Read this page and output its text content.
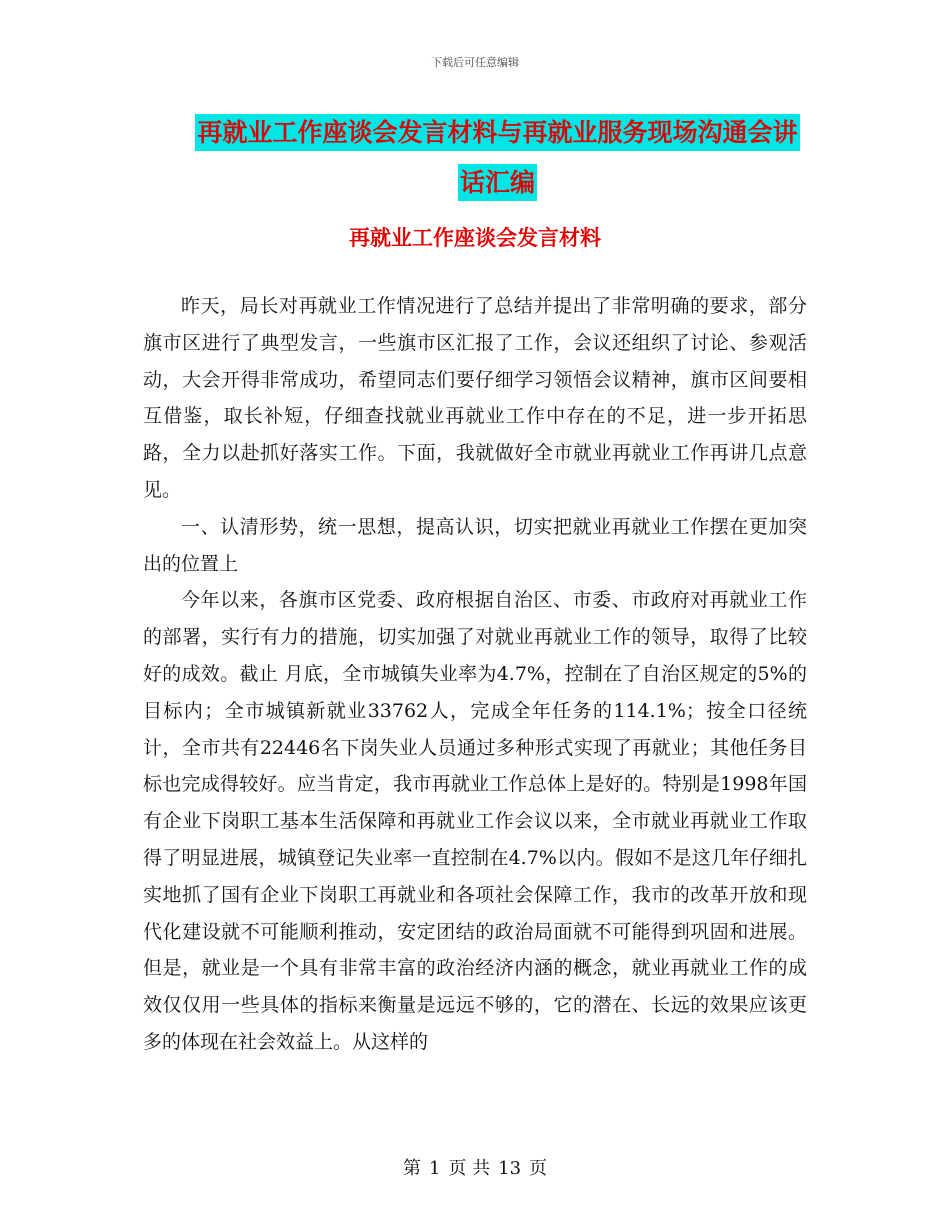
下载后可任意编辑
再就业工作座谈会发言材料与再就业服务现场沟通会讲话汇编
再就业工作座谈会发言材料

昨天，局长对再就业工作情况进行了总结并提出了非常明确的要求，部分旗市区进行了典型发言，一些旗市区汇报了工作，会议还组织了讨论、参观活动，大会开得非常成功，希望同志们要仔细学习领悟会议精神，旗市区间要相互借鉴，取长补短，仔细查找就业再就业工作中存在的不足，进一步开拓思路，全力以赴抓好落实工作。下面，我就做好全市就业再就业工作再讲几点意见。

一、认清形势，统一思想，提高认识，切实把就业再就业工作摆在更加突出的位置上

今年以来，各旗市区党委、政府根据自治区、市委、市政府对再就业工作的部署，实行有力的措施，切实加强了对就业再就业工作的领导，取得了比较好的成效。截止 月底，全市城镇失业率为4.7%，控制在了自治区规定的5%的目标内；全市城镇新就业33762人，完成全年任务的114.1%；按全口径统计，全市共有22446名下岗失业人员通过多种形式实现了再就业；其他任务目标也完成得较好。应当肯定，我市再就业工作总体上是好的。特别是1998年国有企业下岗职工基本生活保障和再就业工作会议以来，全市就业再就业工作取得了明显进展，城镇登记失业率一直控制在4.7%以内。假如不是这几年仔细扎实地抓了国有企业下岗职工再就业和各项社会保障工作，我市的改革开放和现代化建设就不可能顺利推动，安定团结的政治局面就不可能得到巩固和进展。但是，就业是一个具有非常丰富的政治经济内涵的概念，就业再就业工作的成效仅仅用一些具体的指标来衡量是远远不够的，它的潜在、长远的效果应该更多的体现在社会效益上。从这样的

第 1 页 共 13 页
